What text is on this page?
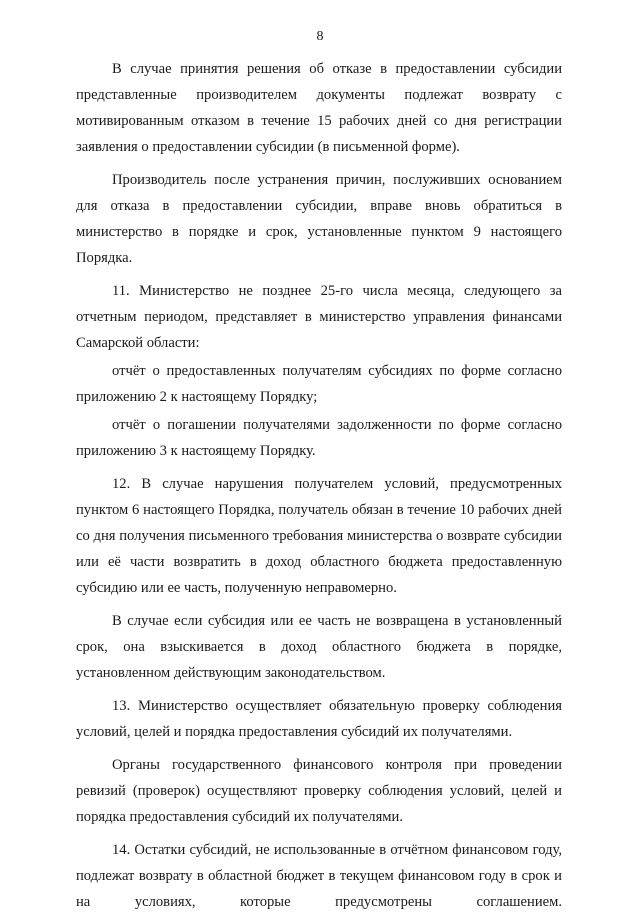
8

В случае принятия решения об отказе в предоставлении субсидии представленные производителем документы подлежат возврату с мотивированным отказом в течение 15 рабочих дней со дня регистрации заявления о предоставлении субсидии (в письменной форме).

Производитель после устранения причин, послуживших основанием для отказа в предоставлении субсидии, вправе вновь обратиться в министерство в порядке и срок, установленные пунктом 9 настоящего Порядка.

11. Министерство не позднее 25-го числа месяца, следующего за отчетным периодом, представляет в министерство управления финансами Самарской области:

отчёт о предоставленных получателям субсидиях по форме согласно приложению 2 к настоящему Порядку;

отчёт о погашении получателями задолженности по форме согласно приложению 3 к настоящему Порядку.

12. В случае нарушения получателем условий, предусмотренных пунктом 6 настоящего Порядка, получатель обязан в течение 10 рабочих дней со дня получения письменного требования министерства о возврате субсидии или её части возвратить в доход областного бюджета предоставленную субсидию или ее часть, полученную неправомерно.

В случае если субсидия или ее часть не возвращена в установленный срок, она взыскивается в доход областного бюджета в порядке, установленном действующим законодательством.

13. Министерство осуществляет обязательную проверку соблюдения условий, целей и порядка предоставления субсидий их получателями.

Органы государственного финансового контроля при проведении ревизий (проверок) осуществляют проверку соблюдения условий, целей и порядка предоставления субсидий их получателями.

14. Остатки субсидий, не использованные в отчётном финансовом году, подлежат возврату в областной бюджет в текущем финансовом году в срок и на условиях, которые предусмотрены соглашением.
